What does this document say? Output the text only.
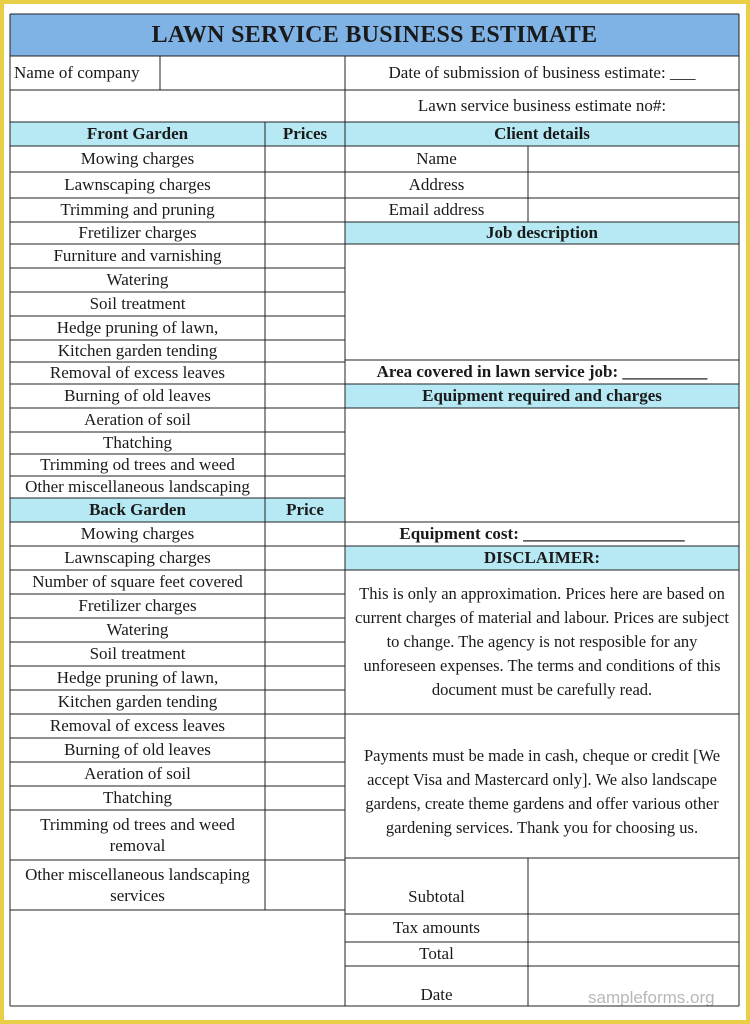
LAWN SERVICE BUSINESS ESTIMATE
Name of company	Date of submission of business estimate: ___
Lawn service business estimate no#:
Front Garden	Prices	Client details
Mowing charges
Lawnscaping charges
Trimming and pruning
Fretilizer charges
Furniture and varnishing
Watering
Soil treatment
Hedge pruning of lawn,
Kitchen garden tending
Removal of excess leaves
Burning of old leaves
Aeration of soil
Thatching
Trimming od trees and weed
Other miscellaneous landscaping
Back Garden	Price
Mowing charges
Lawnscaping charges
Number of square feet covered
Fretilizer charges
Watering
Soil treatment
Hedge pruning of lawn,
Kitchen garden tending
Removal of excess leaves
Burning of old leaves
Aeration of soil
Thatching
Trimming od trees and weed removal
Other miscellaneous landscaping services
Name
Address
Email address
Job description
Area covered in lawn service job: __________
Equipment required and charges
Equipment cost: ___________________
DISCLAIMER:
This is only an approximation. Prices here are based on current charges of material and labour. Prices are subject to change. The agency is not resposible for any unforeseen expenses. The terms and conditions of this document must be carefully read.
Payments must be made in cash, cheque or credit [We accept Visa and Mastercard only]. We also landscape gardens, create theme gardens and offer various other gardening services. Thank you for choosing us.
Subtotal
Tax amounts
Total
Date	sampleforms.org
